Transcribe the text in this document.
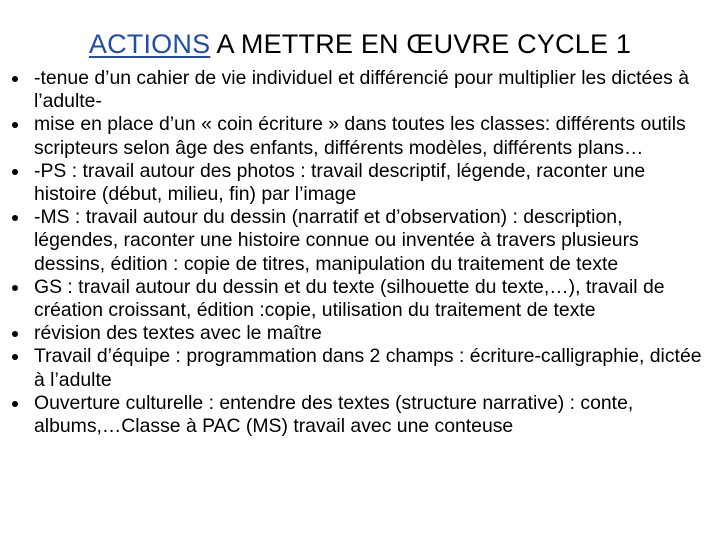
ACTIONS A METTRE EN ŒUVRE CYCLE 1
-tenue d’un cahier de vie individuel et différencié pour multiplier les dictées à l’adulte-
mise en place d’un « coin écriture » dans toutes les classes: différents outils scripteurs selon âge des enfants, différents modèles, différents plans…
-PS : travail autour des photos : travail descriptif, légende, raconter une histoire (début, milieu, fin) par l’image
-MS : travail autour du dessin (narratif et d’observation) : description, légendes, raconter une histoire connue ou inventée à travers plusieurs dessins, édition : copie de titres, manipulation du traitement de texte
GS : travail autour du dessin et du texte (silhouette du texte,…), travail de création croissant, édition :copie, utilisation du traitement de texte
révision des textes avec le maître
Travail d’équipe : programmation dans 2 champs : écriture-calligraphie, dictée à l’adulte
Ouverture culturelle : entendre des textes (structure narrative) : conte, albums,…Classe à PAC (MS) travail avec une conteuse
